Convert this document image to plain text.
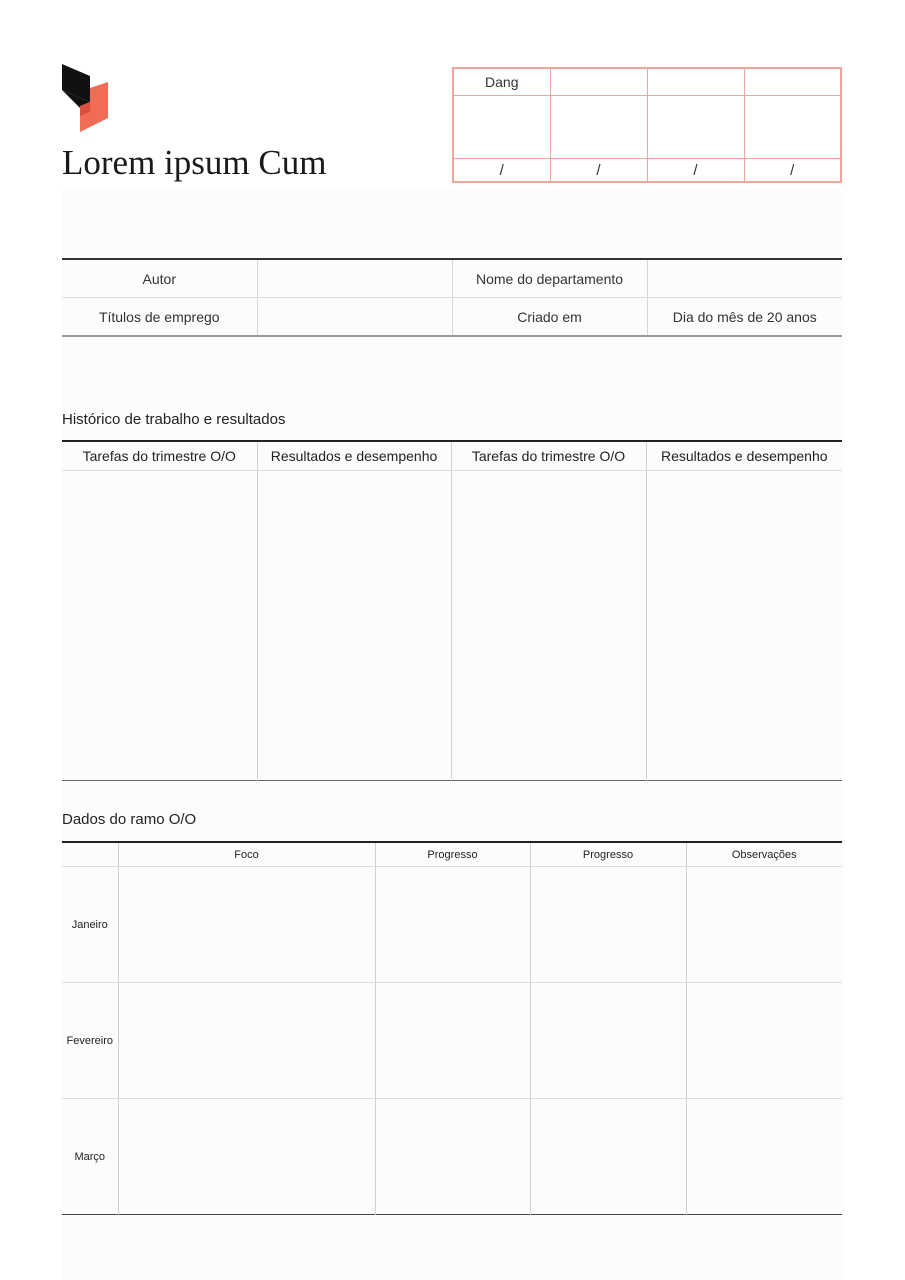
Lorem ipsum Cum
Dang			

/	/	/	/
Autor		Nome do departamento	
Títulos de emprego		Criado em	Dia do mês de 20 anos
Histórico de trabalho e resultados
Tarefas do trimestre O/O	Resultados e desempenho	Tarefas do trimestre O/O	Resultados e desempenho

Dados do ramo O/O
	Foco	Progresso	Progresso	Observações
Janeiro				
Fevereiro				
Março				
